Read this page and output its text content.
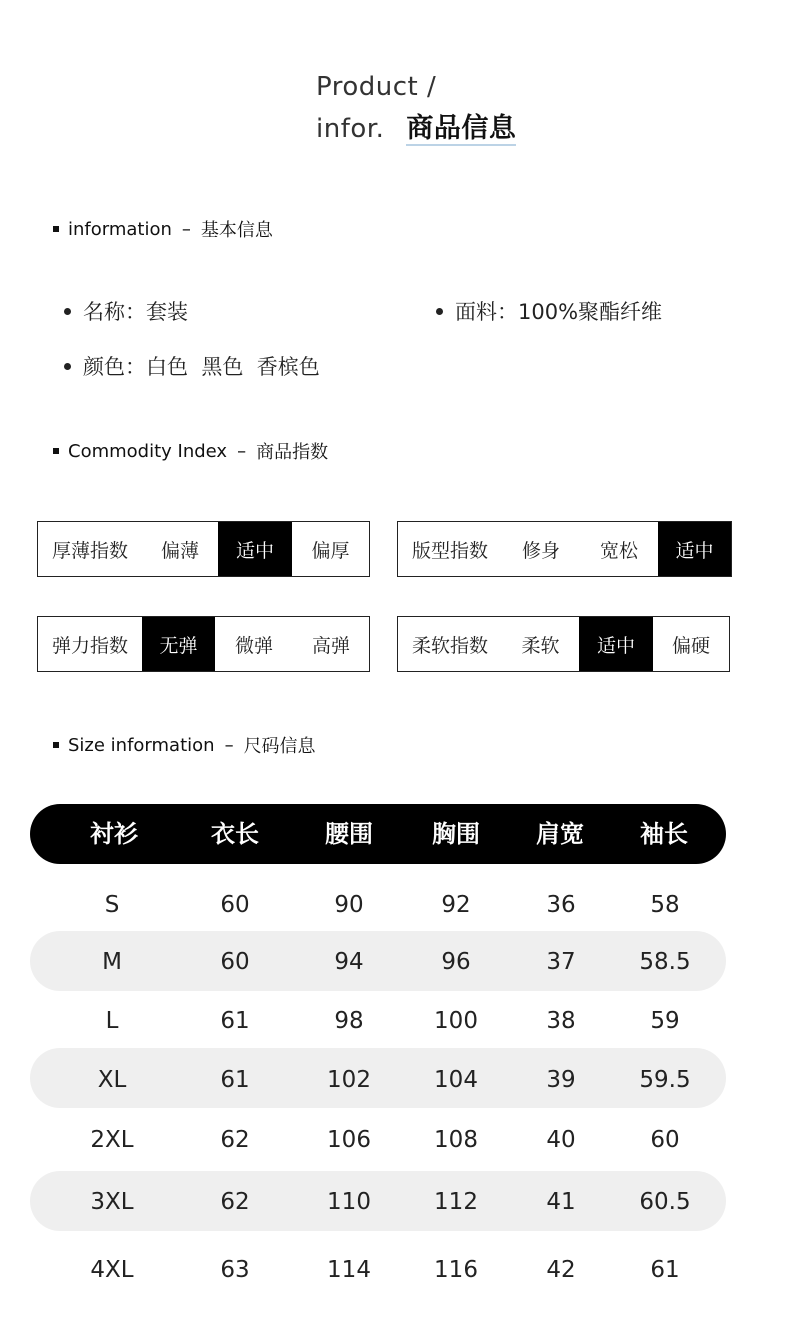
Product /
infor. 商品信息
information – 基本信息
名称：套装	面料：100%聚酯纤维
颜色：白色  黑色  香槟色
Commodity Index – 商品指数
厚薄指数	偏薄	适中	偏厚	版型指数	修身	宽松	适中
弹力指数	无弹	微弹	高弹	柔软指数	柔软	适中	偏硬
Size information – 尺码信息
衬衫	衣长	腰围 胸围 肩宽 袖长
S	60	90	92	36	58
M	60	94	96	37	58.5
L	61	98	100	38	59
XL	61	102	104	39	59.5
2XL	62	106	108	40	60
3XL	62	110	112	41	60.5
4XL	63	114	116	42	61
